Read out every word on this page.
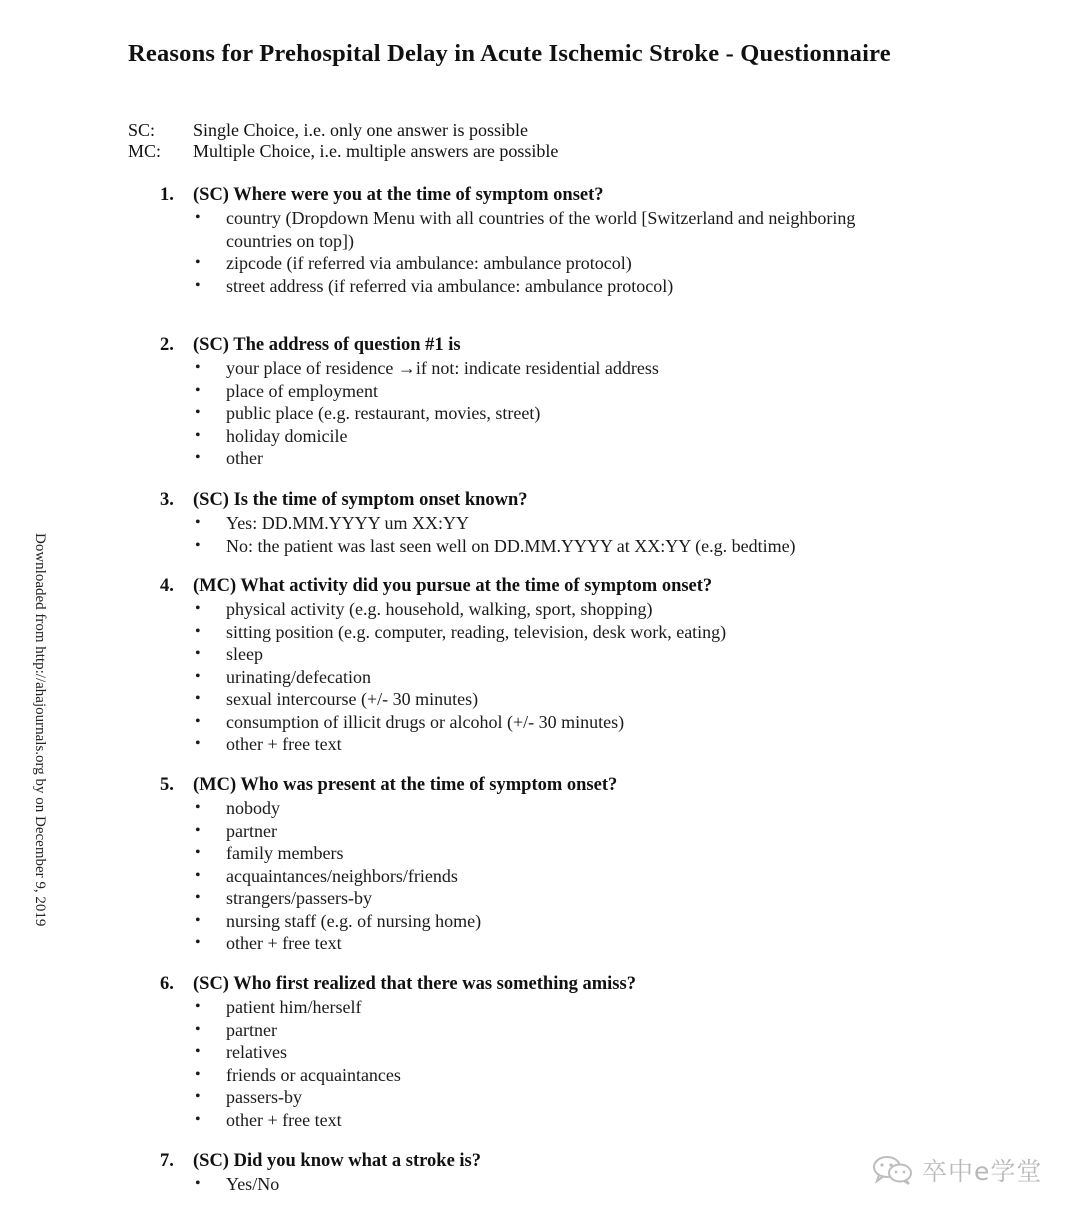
Reasons for Prehospital Delay in Acute Ischemic Stroke - Questionnaire
SC: Single Choice, i.e. only one answer is possible
MC: Multiple Choice, i.e. multiple answers are possible
1. (SC) Where were you at the time of symptom onset?
• country (Dropdown Menu with all countries of the world [Switzerland and neighboring countries on top])
• zipcode (if referred via ambulance: ambulance protocol)
• street address (if referred via ambulance: ambulance protocol)
2. (SC) The address of question #1 is
• your place of residence →if not: indicate residential address
• place of employment
• public place (e.g. restaurant, movies, street)
• holiday domicile
• other
3. (SC) Is the time of symptom onset known?
• Yes: DD.MM.YYYY um XX:YY
• No: the patient was last seen well on DD.MM.YYYY at XX:YY (e.g. bedtime)
4. (MC) What activity did you pursue at the time of symptom onset?
• physical activity (e.g. household, walking, sport, shopping)
• sitting position (e.g. computer, reading, television, desk work, eating)
• sleep
• urinating/defecation
• sexual intercourse (+/- 30 minutes)
• consumption of illicit drugs or alcohol (+/- 30 minutes)
• other + free text
5. (MC) Who was present at the time of symptom onset?
• nobody
• partner
• family members
• acquaintances/neighbors/friends
• strangers/passers-by
• nursing staff (e.g. of nursing home)
• other + free text
6. (SC) Who first realized that there was something amiss?
• patient him/herself
• partner
• relatives
• friends or acquaintances
• passers-by
• other + free text
7. (SC) Did you know what a stroke is?
• Yes/No
Downloaded from http://ahajournals.org by on December 9, 2019
卒中e学堂
